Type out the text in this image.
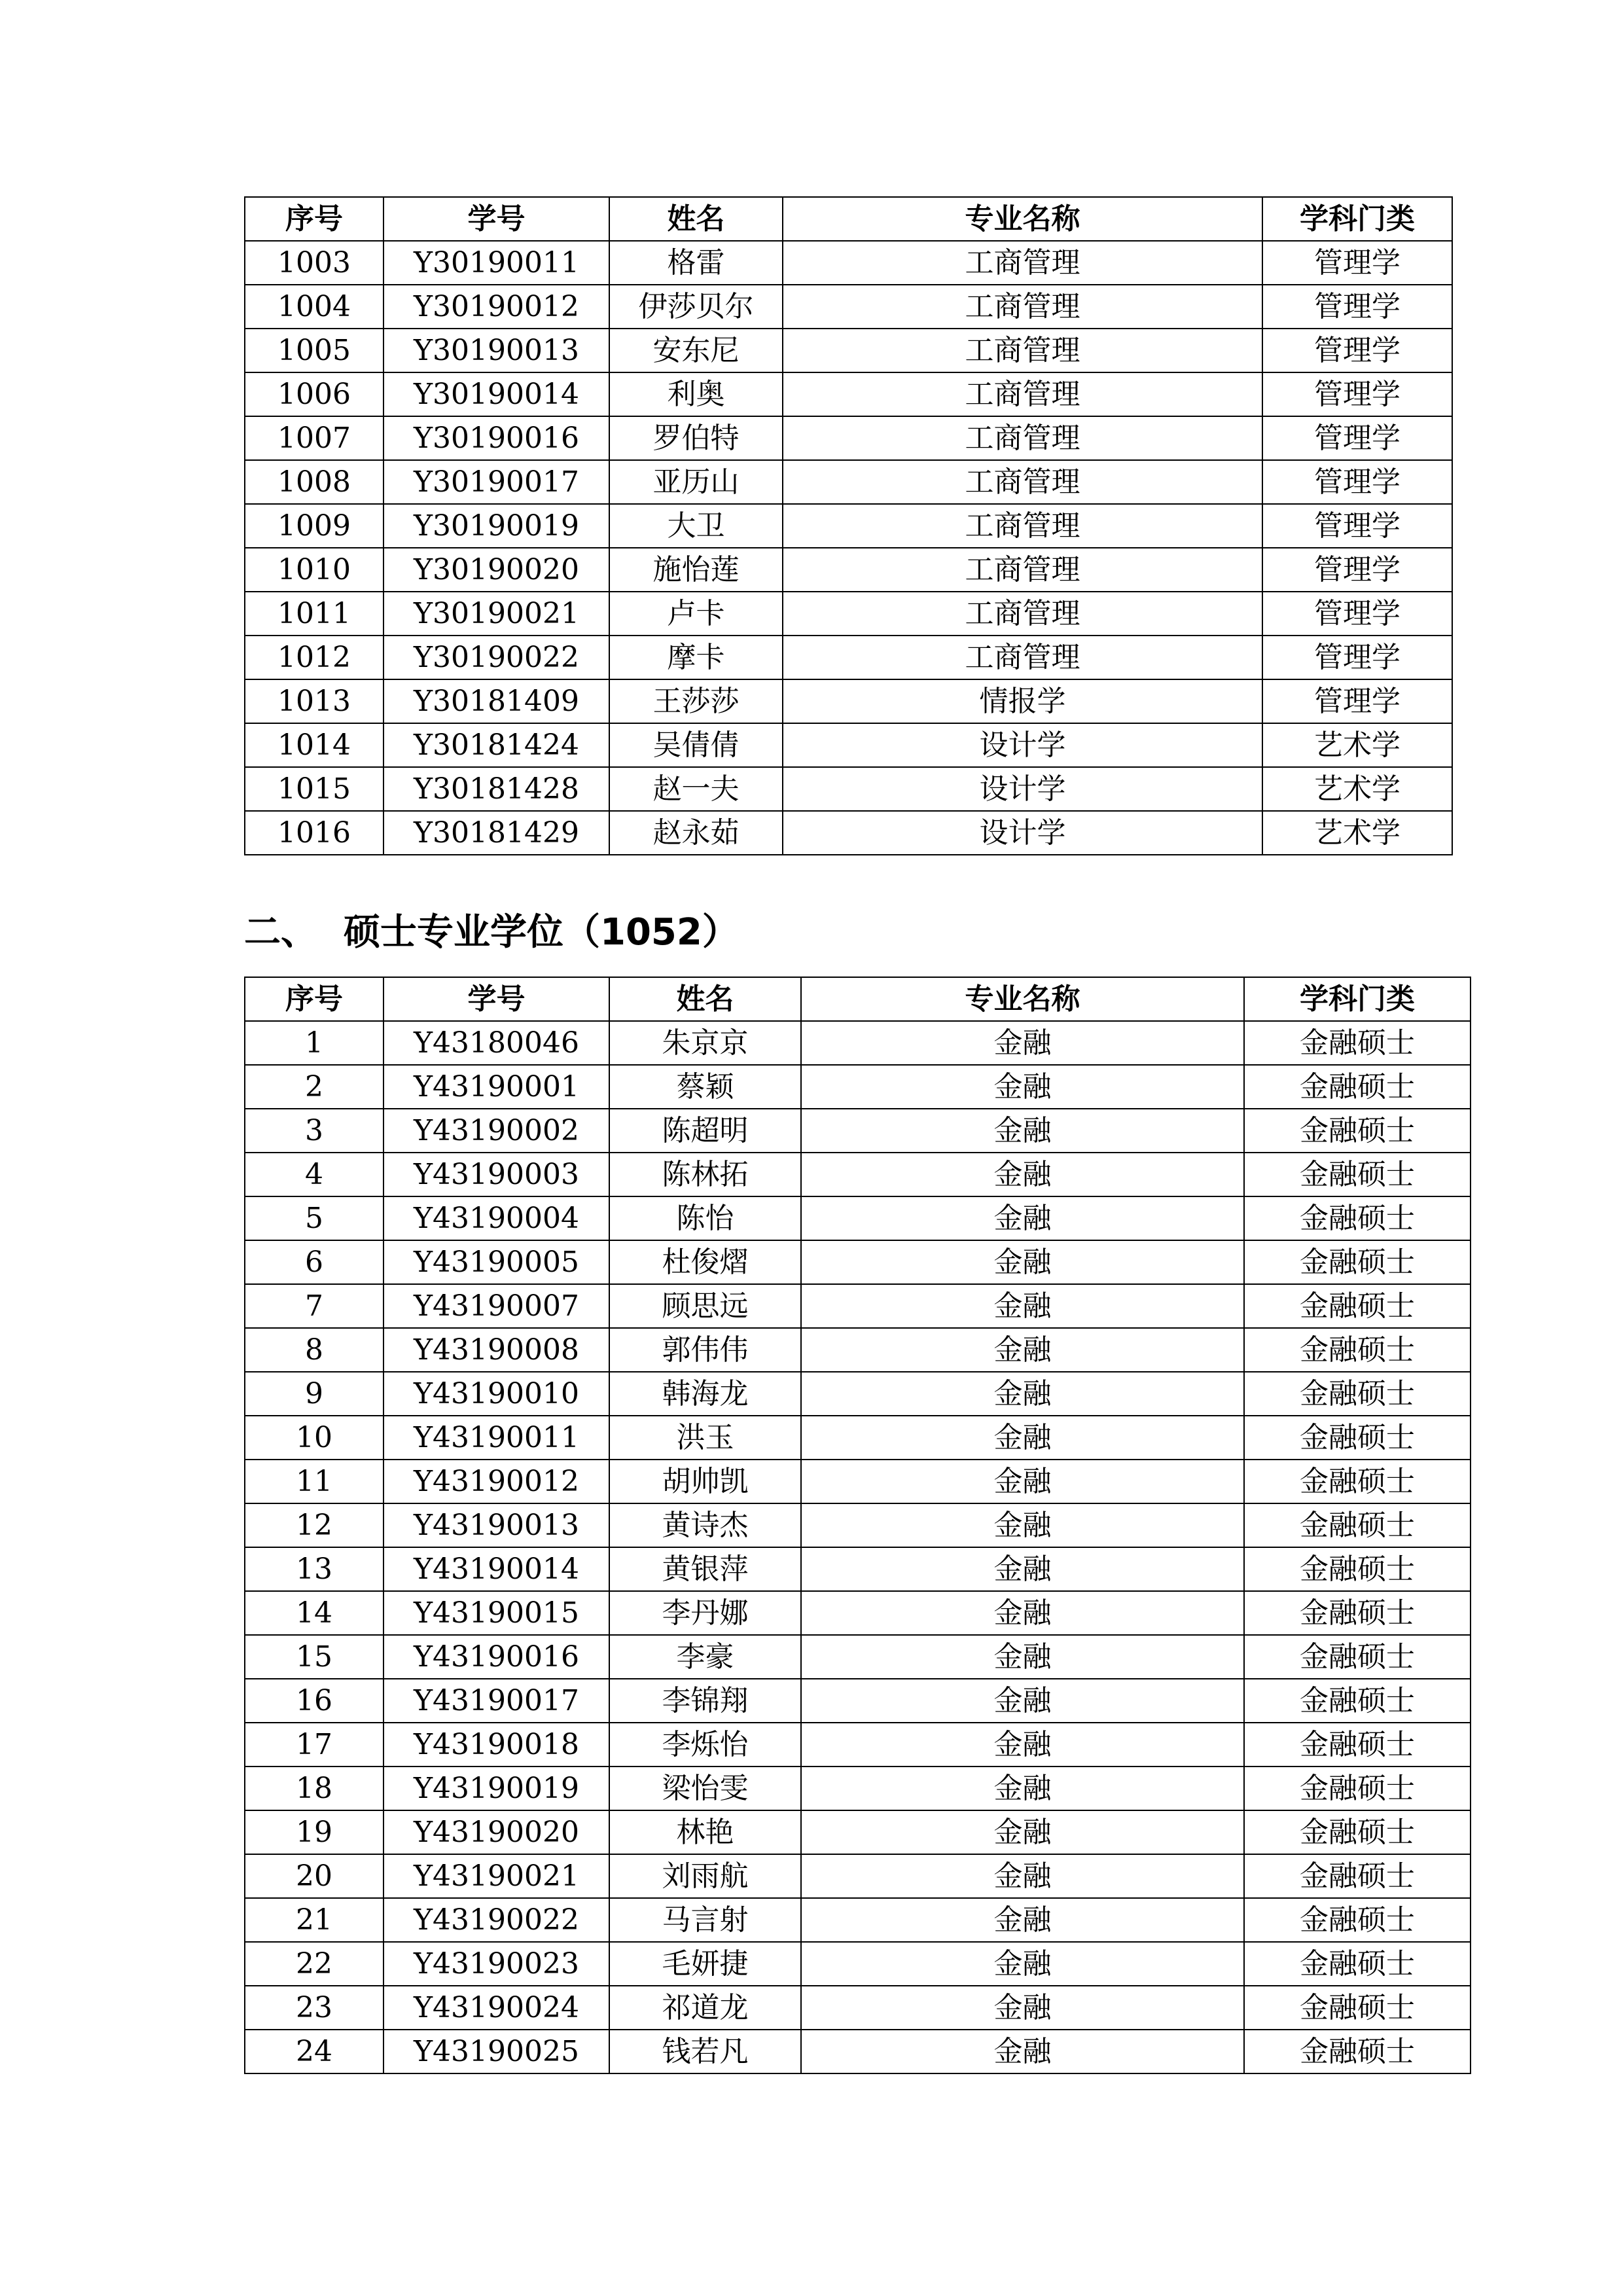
序号	学号	姓名	专业名称	学科门类
1003	Y30190011	格雷	工商管理	管理学
1004	Y30190012	伊莎贝尔	工商管理	管理学
1005	Y30190013	安东尼	工商管理	管理学
1006	Y30190014	利奥	工商管理	管理学
1007	Y30190016	罗伯特	工商管理	管理学
1008	Y30190017	亚历山	工商管理	管理学
1009	Y30190019	大卫	工商管理	管理学
1010	Y30190020	施怡莲	工商管理	管理学
1011	Y30190021	卢卡	工商管理	管理学
1012	Y30190022	摩卡	工商管理	管理学
1013	Y30181409	王莎莎	情报学	管理学
1014	Y30181424	吴倩倩	设计学	艺术学
1015	Y30181428	赵一夫	设计学	艺术学
1016	Y30181429	赵永茹	设计学	艺术学
二、 硕士专业学位（1052）
序号	学号	姓名	专业名称	学科门类
1	Y43180046	朱京京	金融	金融硕士
2	Y43190001	蔡颖	金融	金融硕士
3	Y43190002	陈超明	金融	金融硕士
4	Y43190003	陈林拓	金融	金融硕士
5	Y43190004	陈怡	金融	金融硕士
6	Y43190005	杜俊熠	金融	金融硕士
7	Y43190007	顾思远	金融	金融硕士
8	Y43190008	郭伟伟	金融	金融硕士
9	Y43190010	韩海龙	金融	金融硕士
10	Y43190011	洪玉	金融	金融硕士
11	Y43190012	胡帅凯	金融	金融硕士
12	Y43190013	黄诗杰	金融	金融硕士
13	Y43190014	黄银萍	金融	金融硕士
14	Y43190015	李丹娜	金融	金融硕士
15	Y43190016	李豪	金融	金融硕士
16	Y43190017	李锦翔	金融	金融硕士
17	Y43190018	李烁怡	金融	金融硕士
18	Y43190019	梁怡雯	金融	金融硕士
19	Y43190020	林艳	金融	金融硕士
20	Y43190021	刘雨航	金融	金融硕士
21	Y43190022	马言射	金融	金融硕士
22	Y43190023	毛妍捷	金融	金融硕士
23	Y43190024	祁道龙	金融	金融硕士
24	Y43190025	钱若凡	金融	金融硕士
